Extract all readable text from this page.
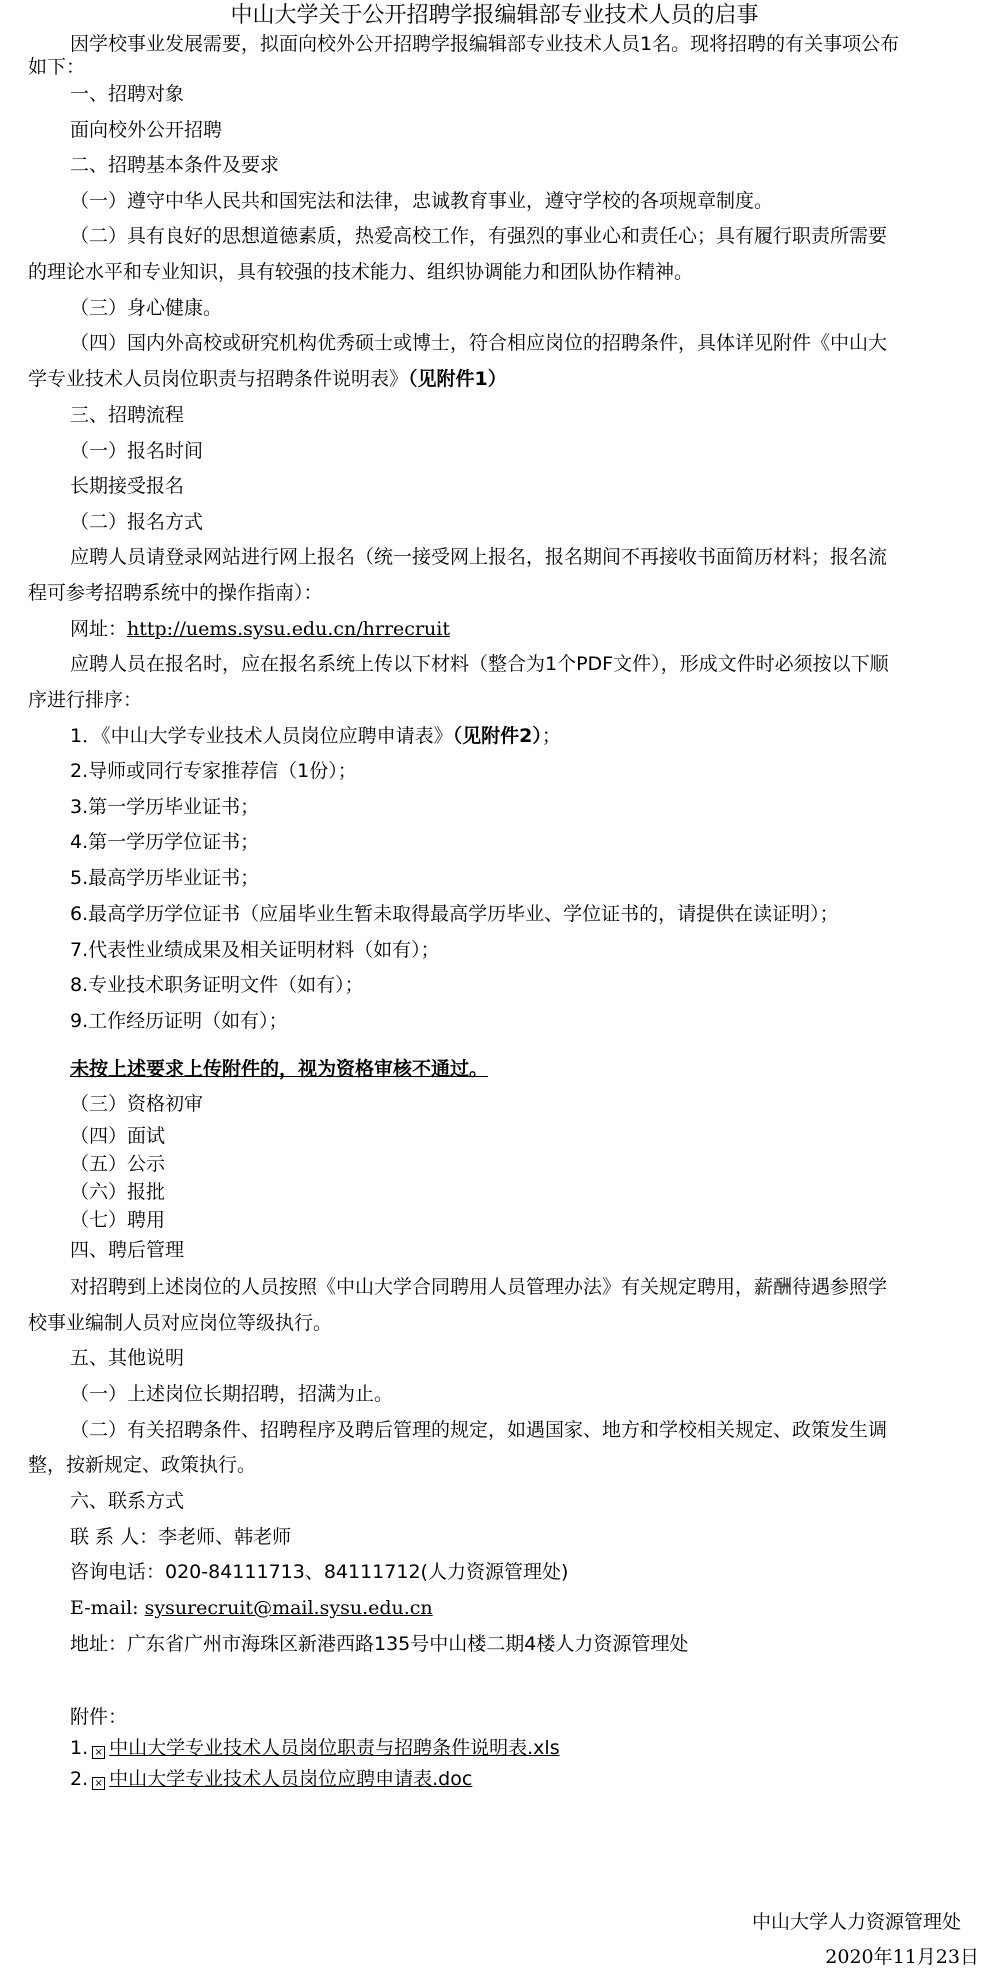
中山大学关于公开招聘学报编辑部专业技术人员的启事
因学校事业发展需要，拟面向校外公开招聘学报编辑部专业技术人员1名。现将招聘的有关事项公布
如下：
一、招聘对象
面向校外公开招聘
二、招聘基本条件及要求
（一）遵守中华人民共和国宪法和法律，忠诚教育事业，遵守学校的各项规章制度。
（二）具有良好的思想道德素质，热爱高校工作，有强烈的事业心和责任心；具有履行职责所需要
的理论水平和专业知识，具有较强的技术能力、组织协调能力和团队协作精神。
（三）身心健康。
（四）国内外高校或研究机构优秀硕士或博士，符合相应岗位的招聘条件，具体详见附件《中山大
学专业技术人员岗位职责与招聘条件说明表》（见附件1）
三、招聘流程
（一）报名时间
长期接受报名
（二）报名方式
应聘人员请登录网站进行网上报名（统一接受网上报名，报名期间不再接收书面简历材料；报名流
程可参考招聘系统中的操作指南）：
网址：http://uems.sysu.edu.cn/hrrecruit
应聘人员在报名时，应在报名系统上传以下材料（整合为1个PDF文件），形成文件时必须按以下顺
序进行排序：
1．《中山大学专业技术人员岗位应聘申请表》（见附件2）；
2.导师或同行专家推荐信（1份）；
3.第一学历毕业证书；
4.第一学历学位证书；
5.最高学历毕业证书；
6.最高学历学位证书（应届毕业生暂未取得最高学历毕业、学位证书的，请提供在读证明）；
7.代表性业绩成果及相关证明材料（如有）；
8.专业技术职务证明文件（如有）；
9.工作经历证明（如有）；
未按上述要求上传附件的，视为资格审核不通过。
（三）资格初审
（四）面试
（五）公示
（六）报批
（七）聘用
四、聘后管理
对招聘到上述岗位的人员按照《中山大学合同聘用人员管理办法》有关规定聘用，薪酬待遇参照学
校事业编制人员对应岗位等级执行。
五、其他说明
（一）上述岗位长期招聘，招满为止。
（二）有关招聘条件、招聘程序及聘后管理的规定，如遇国家、地方和学校相关规定、政策发生调
整，按新规定、政策执行。
六、联系方式
联 系 人：李老师、韩老师
咨询电话：020-84111713、84111712(人力资源管理处)
E-mail: sysurecruit@mail.sysu.edu.cn
地址：广东省广州市海珠区新港西路135号中山楼二期4楼人力资源管理处
附件：
1. × 中山大学专业技术人员岗位职责与招聘条件说明表.xls
2. × 中山大学专业技术人员岗位应聘申请表.doc
中山大学人力资源管理处
2020年11月23日
